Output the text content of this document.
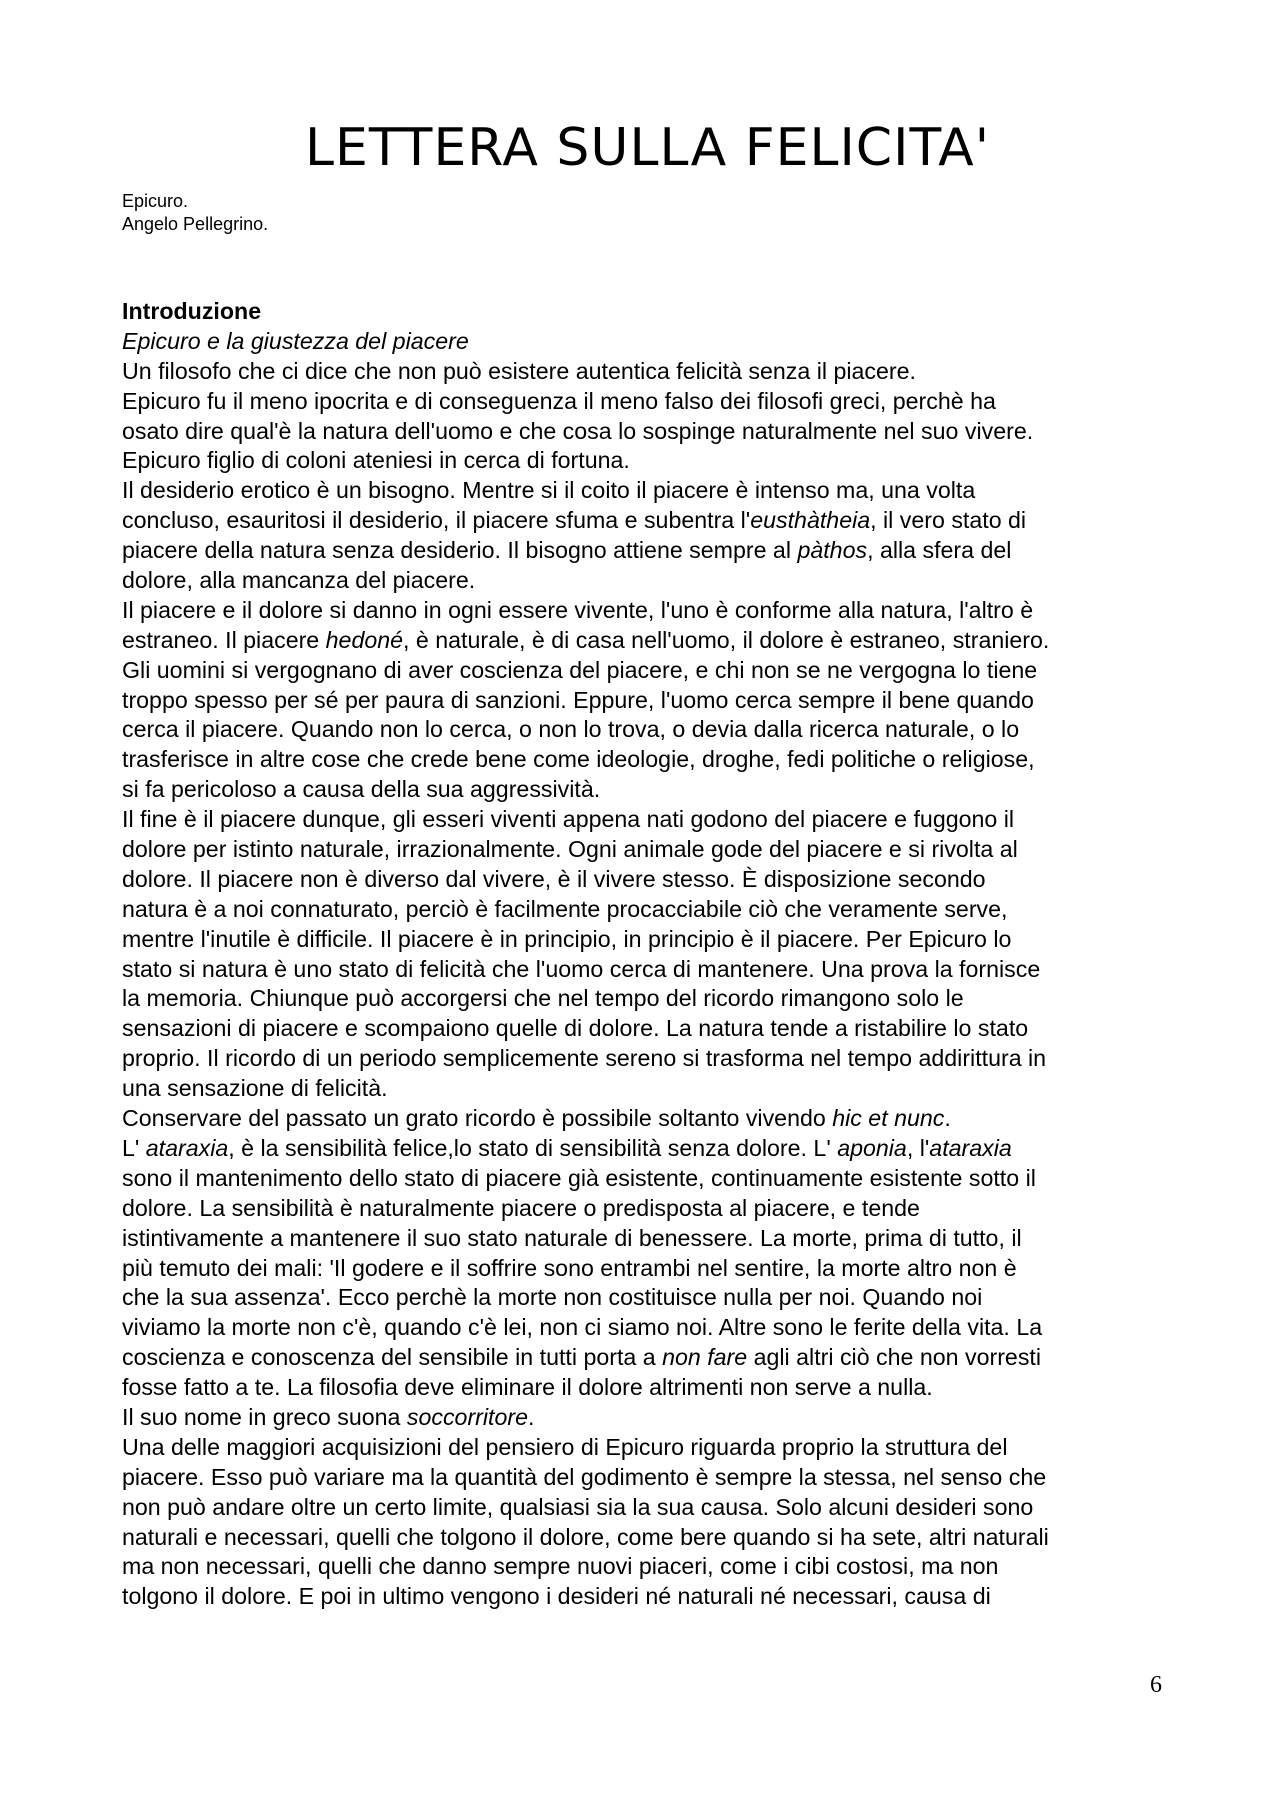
LETTERA SULLA FELICITA'
Epicuro.
Angelo Pellegrino.
Introduzione
Epicuro e la giustezza del piacere
Un filosofo che ci dice che non può esistere autentica felicità senza il piacere.
Epicuro fu il meno ipocrita e di conseguenza il meno falso dei filosofi greci, perchè ha
osato dire qual'è la natura dell'uomo e che cosa lo sospinge naturalmente nel suo vivere.
Epicuro figlio di coloni ateniesi in cerca di fortuna.
Il desiderio erotico è un bisogno. Mentre si il coito il piacere è intenso ma, una volta
concluso, esauritosi il desiderio, il piacere sfuma e subentra l'eusthàtheia, il vero stato di
piacere della natura senza desiderio. Il bisogno attiene sempre al pàthos, alla sfera del
dolore, alla mancanza del piacere.
Il piacere e il dolore si danno in ogni essere vivente, l'uno è conforme alla natura, l'altro è
estraneo. Il piacere hedoné, è naturale, è di casa nell'uomo, il dolore è estraneo, straniero.
Gli uomini si vergognano di aver coscienza del piacere, e chi non se ne vergogna lo tiene
troppo spesso per sé per paura di sanzioni. Eppure, l'uomo cerca sempre il bene quando
cerca il piacere. Quando non lo cerca, o non lo trova, o devia dalla ricerca naturale, o lo
trasferisce in altre cose che crede bene come ideologie, droghe, fedi politiche o religiose,
si fa pericoloso a causa della sua aggressività.
Il fine è il piacere dunque, gli esseri viventi appena nati godono del piacere e fuggono il
dolore per istinto naturale, irrazionalmente. Ogni animale gode del piacere e si rivolta al
dolore. Il piacere non è diverso dal vivere, è il vivere stesso. È disposizione secondo
natura è a noi connaturato, perciò è facilmente procacciabile ciò che veramente serve,
mentre l'inutile è difficile. Il piacere è in principio, in principio è il piacere. Per Epicuro lo
stato si natura è uno stato di felicità che l'uomo cerca di mantenere. Una prova la fornisce
la memoria. Chiunque può accorgersi che nel tempo del ricordo rimangono solo le
sensazioni di piacere e scompaiono quelle di dolore. La natura tende a ristabilire lo stato
proprio. Il ricordo di un periodo semplicemente sereno si trasforma nel tempo addirittura in
una sensazione di felicità.
Conservare del passato un grato ricordo è possibile soltanto vivendo hic et nunc.
L' ataraxia, è la sensibilità felice,lo stato di sensibilità senza dolore. L' aponia, l'ataraxia
sono il mantenimento dello stato di piacere già esistente, continuamente esistente sotto il
dolore. La sensibilità è naturalmente piacere o predisposta al piacere, e tende
istintivamente a mantenere il suo stato naturale di benessere. La morte, prima di tutto, il
più temuto dei mali: 'Il godere e il soffrire sono entrambi nel sentire, la morte altro non è
che la sua assenza'. Ecco perchè la morte non costituisce nulla per noi. Quando noi
viviamo la morte non c'è, quando c'è lei, non ci siamo noi. Altre sono le ferite della vita. La
coscienza e conoscenza del sensibile in tutti porta a non fare agli altri ciò che non vorresti
fosse fatto a te. La filosofia deve eliminare il dolore altrimenti non serve a nulla.
Il suo nome in greco suona soccorritore.
Una delle maggiori acquisizioni del pensiero di Epicuro riguarda proprio la struttura del
piacere. Esso può variare ma la quantità del godimento è sempre la stessa, nel senso che
non può andare oltre un certo limite, qualsiasi sia la sua causa. Solo alcuni desideri sono
naturali e necessari, quelli che tolgono il dolore, come bere quando si ha sete, altri naturali
ma non necessari, quelli che danno sempre nuovi piaceri, come i cibi costosi, ma non
tolgono il dolore. E poi in ultimo vengono i desideri né naturali né necessari, causa di
6
